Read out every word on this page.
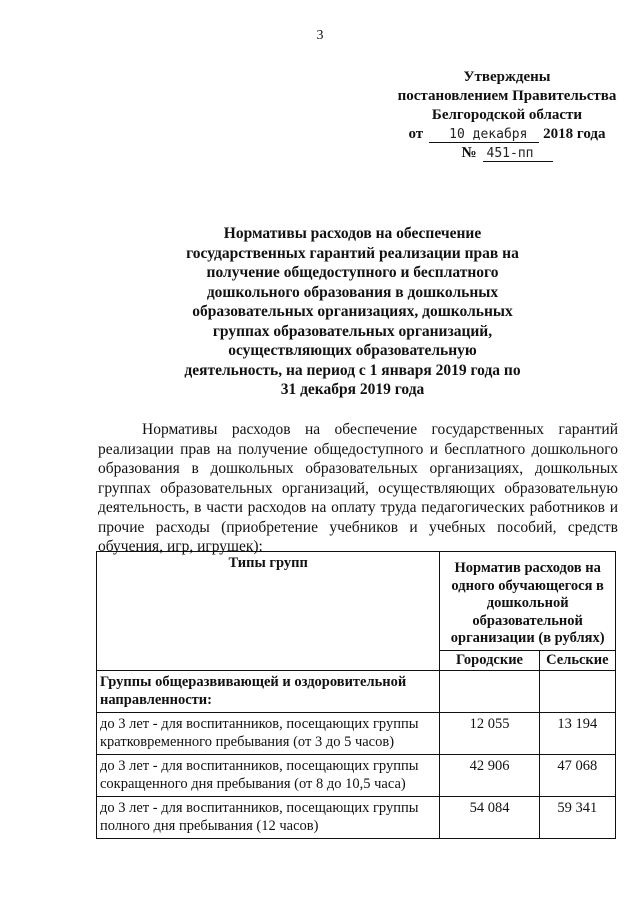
3
Утверждены
постановлением Правительства
Белгородской области
от	10 декабря	2018 года
№ 451-пп
Нормативы расходов на обеспечение государственных гарантий реализации прав на получение общедоступного и бесплатного дошкольного образования в дошкольных образовательных организациях, дошкольных группах образовательных организаций, осуществляющих образовательную деятельность, на период с 1 января 2019 года по 31 декабря 2019 года

Нормативы расходов на обеспечение государственных гарантий реализации прав на получение общедоступного и бесплатного дошкольного образования в дошкольных образовательных организациях, дошкольных группах образовательных организаций, осуществляющих образовательную деятельность, в части расходов на оплату труда педагогических работников и прочие расходы (приобретение учебников и учебных пособий, средств обучения, игр, игрушек):

Типы групп	Норматив расходов на одного обучающегося в дошкольной образовательной организации (в рублях)	
	Городские	Сельские
Группы общеразвивающей и оздоровительной направленности:		
до 3 лет - для воспитанников, посещающих группы кратковременного пребывания (от 3 до 5 часов)	12 055	13 194
до 3 лет - для воспитанников, посещающих группы сокращенного дня пребывания (от 8 до 10,5 часа)	42 906	47 068
до 3 лет - для воспитанников, посещающих группы полного дня пребывания (12 часов)	54 084	59 341
